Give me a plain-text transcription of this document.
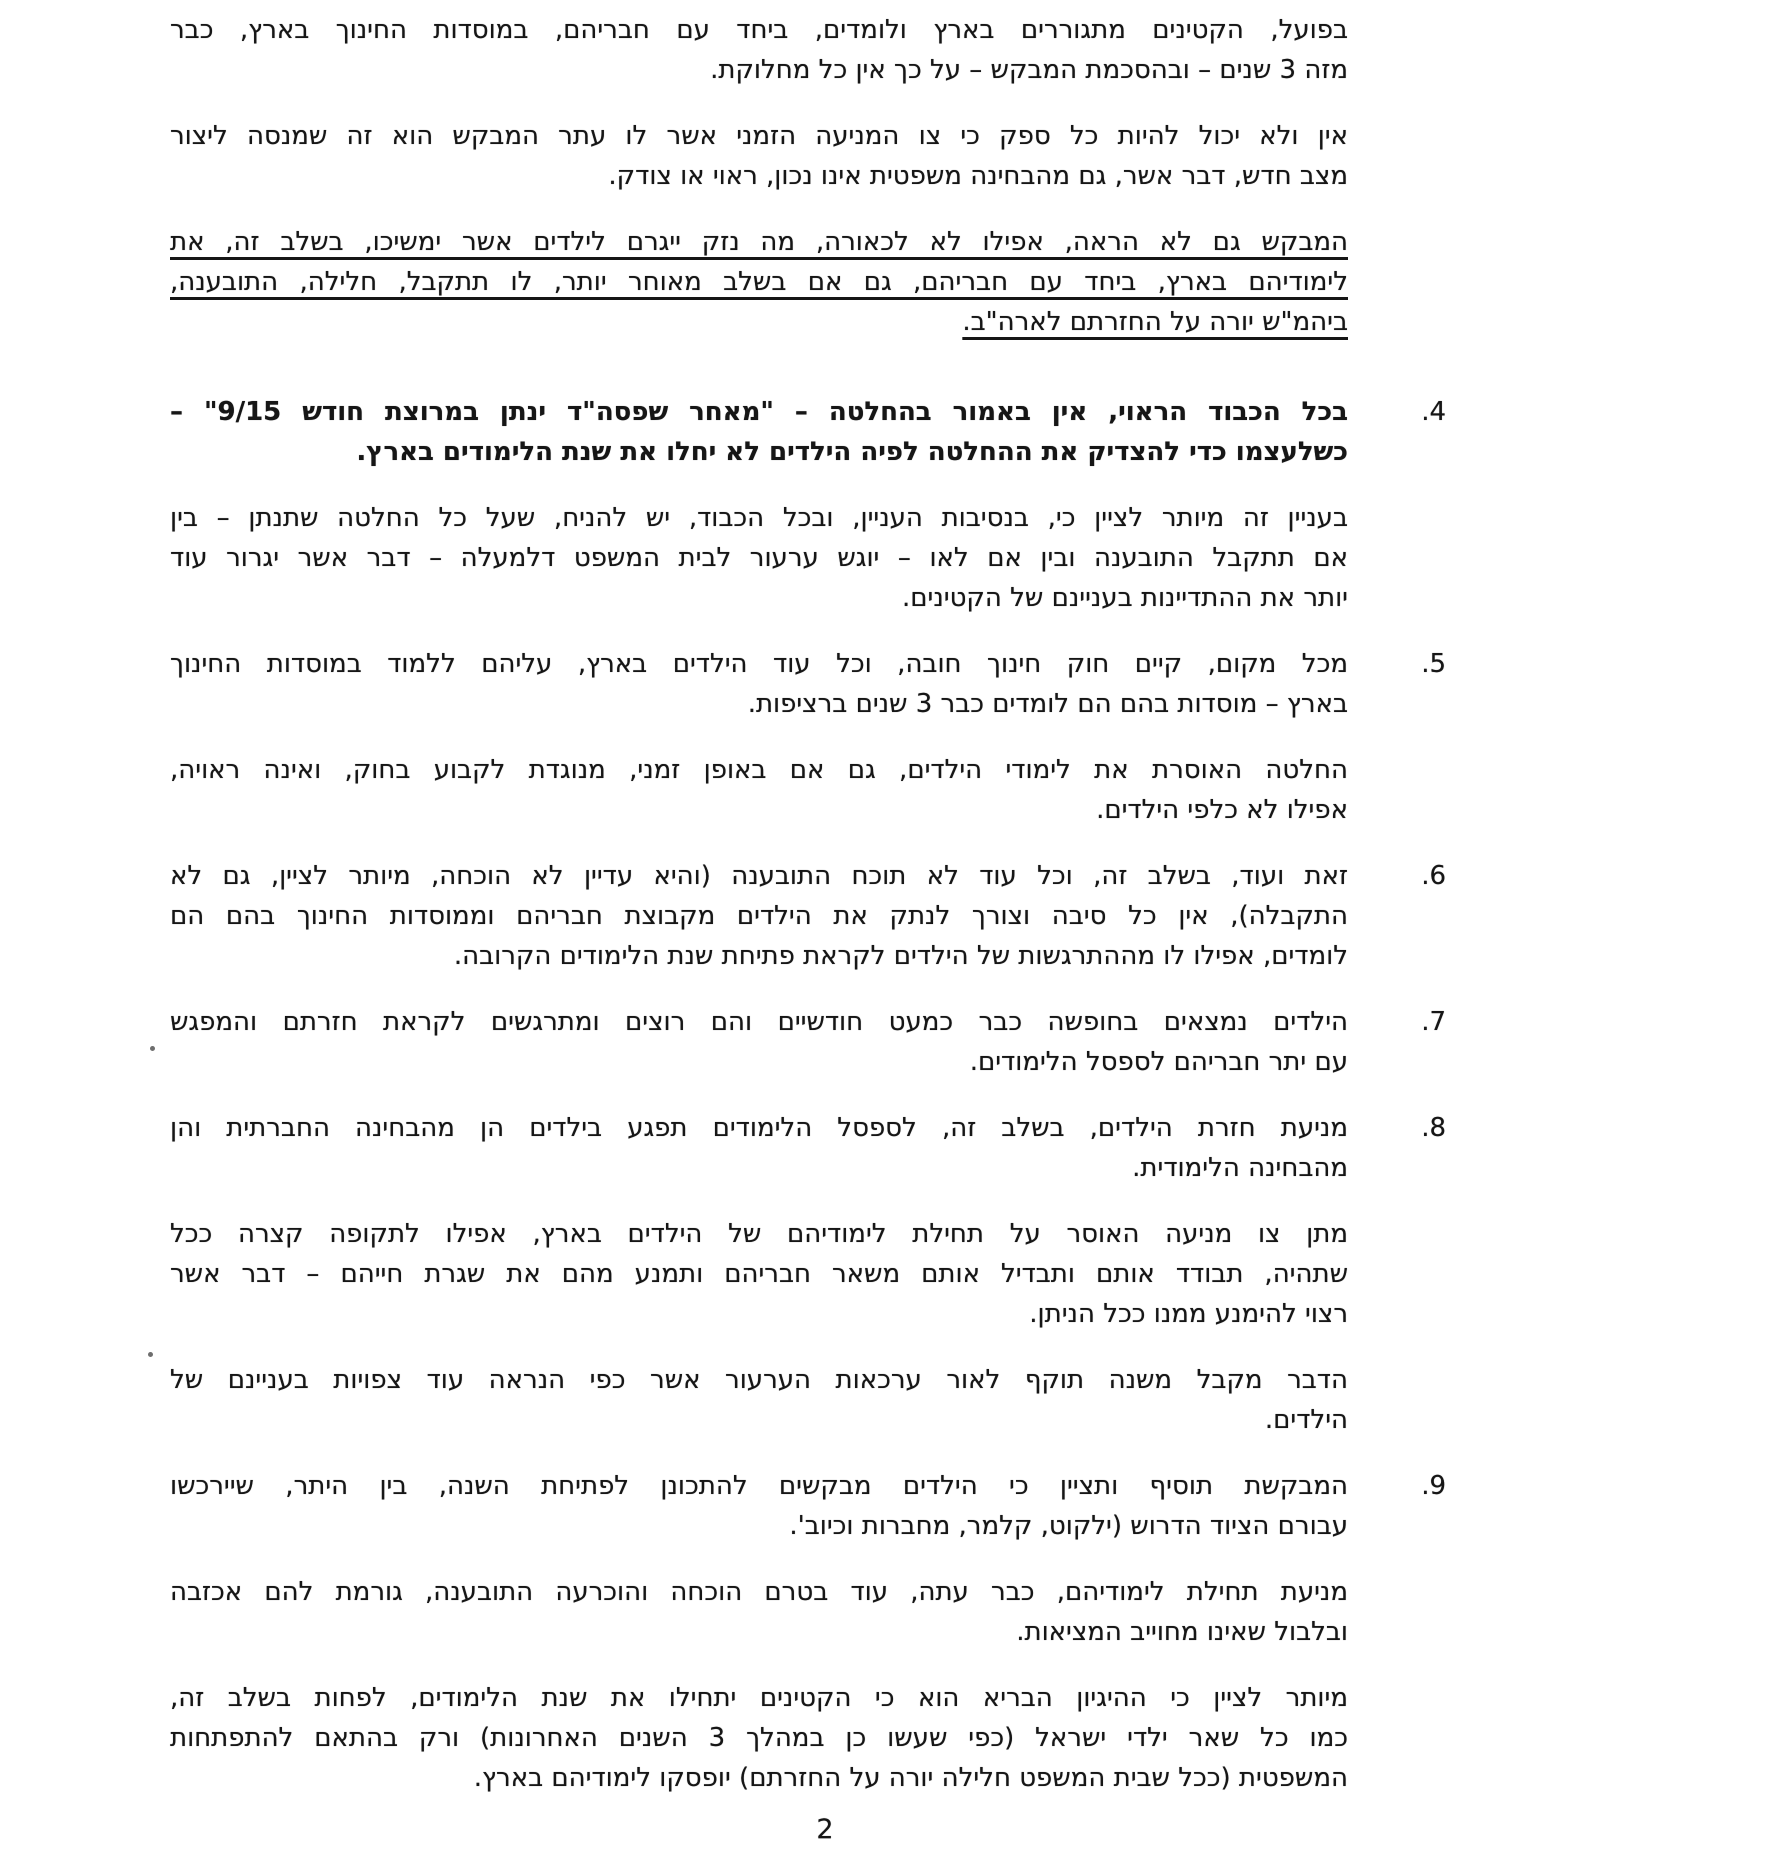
בפועל, הקטינים מתגוררים בארץ ולומדים, ביחד עם חבריהם, במוסדות החינוך בארץ, כבר
מזה 3 שנים – ובהסכמת המבקש – על כך אין כל מחלוקת.
אין ולא יכול להיות כל ספק כי צו המניעה הזמני אשר לו עתר המבקש הוא זה שמנסה ליצור
מצב חדש, דבר אשר, גם מהבחינה משפטית אינו נכון, ראוי או צודק.
המבקש גם לא הראה, אפילו לא לכאורה, מה נזק ייגרם לילדים אשר ימשיכו, בשלב זה, את
לימודיהם בארץ, ביחד עם חבריהם, גם אם בשלב מאוחר יותר, לו תתקבל, חלילה, התובענה,
ביהמ"ש יורה על החזרתם לארה"ב.
4.
בכל הכבוד הראוי, אין באמור בהחלטה – "מאחר שפסה"ד ינתן במרוצת חודש 9/15" –
כשלעצמו כדי להצדיק את ההחלטה לפיה הילדים לא יחלו את שנת הלימודים בארץ.
בעניין זה מיותר לציין כי, בנסיבות העניין, ובכל הכבוד, יש להניח, שעל כל החלטה שתנתן – בין
אם תתקבל התובענה ובין אם לאו – יוגש ערעור לבית המשפט דלמעלה – דבר אשר יגרור עוד
יותר את ההתדיינות בעניינם של הקטינים.
5.
מכל מקום, קיים חוק חינוך חובה, וכל עוד הילדים בארץ, עליהם ללמוד במוסדות החינוך
בארץ – מוסדות בהם הם לומדים כבר 3 שנים ברציפות.
החלטה האוסרת את לימודי הילדים, גם אם באופן זמני, מנוגדת לקבוע בחוק, ואינה ראויה,
אפילו לא כלפי הילדים.
6.
זאת ועוד, בשלב זה, וכל עוד לא תוכח התובענה (והיא עדיין לא הוכחה, מיותר לציין, גם לא
התקבלה), אין כל סיבה וצורך לנתק את הילדים מקבוצת חבריהם וממוסדות החינוך בהם הם
לומדים, אפילו לו מההתרגשות של הילדים לקראת פתיחת שנת הלימודים הקרובה.
7.
הילדים נמצאים בחופשה כבר כמעט חודשיים והם רוצים ומתרגשים לקראת חזרתם והמפגש
עם יתר חבריהם לספסל הלימודים.
8.
מניעת חזרת הילדים, בשלב זה, לספסל הלימודים תפגע בילדים הן מהבחינה החברתית והן
מהבחינה הלימודית.
מתן צו מניעה האוסר על תחילת לימודיהם של הילדים בארץ, אפילו לתקופה קצרה ככל
שתהיה, תבודד אותם ותבדיל אותם משאר חבריהם ותמנע מהם את שגרת חייהם – דבר אשר
רצוי להימנע ממנו ככל הניתן.
הדבר מקבל משנה תוקף לאור ערכאות הערעור אשר כפי הנראה עוד צפויות בעניינם של
הילדים.
9.
המבקשת תוסיף ותציין כי הילדים מבקשים להתכונן לפתיחת השנה, בין היתר, שיירכשו
עבורם הציוד הדרוש (ילקוט, קלמר, מחברות וכיוב'.
מניעת תחילת לימודיהם, כבר עתה, עוד בטרם הוכחה והוכרעה התובענה, גורמת להם אכזבה
ובלבול שאינו מחוייב המציאות.
מיותר לציין כי ההיגיון הבריא הוא כי הקטינים יתחילו את שנת הלימודים, לפחות בשלב זה,
כמו כל שאר ילדי ישראל (כפי שעשו כן במהלך 3 השנים האחרונות) ורק בהתאם להתפתחות
המשפטית (ככל שבית המשפט חלילה יורה על החזרתם) יופסקו לימודיהם בארץ.
2
